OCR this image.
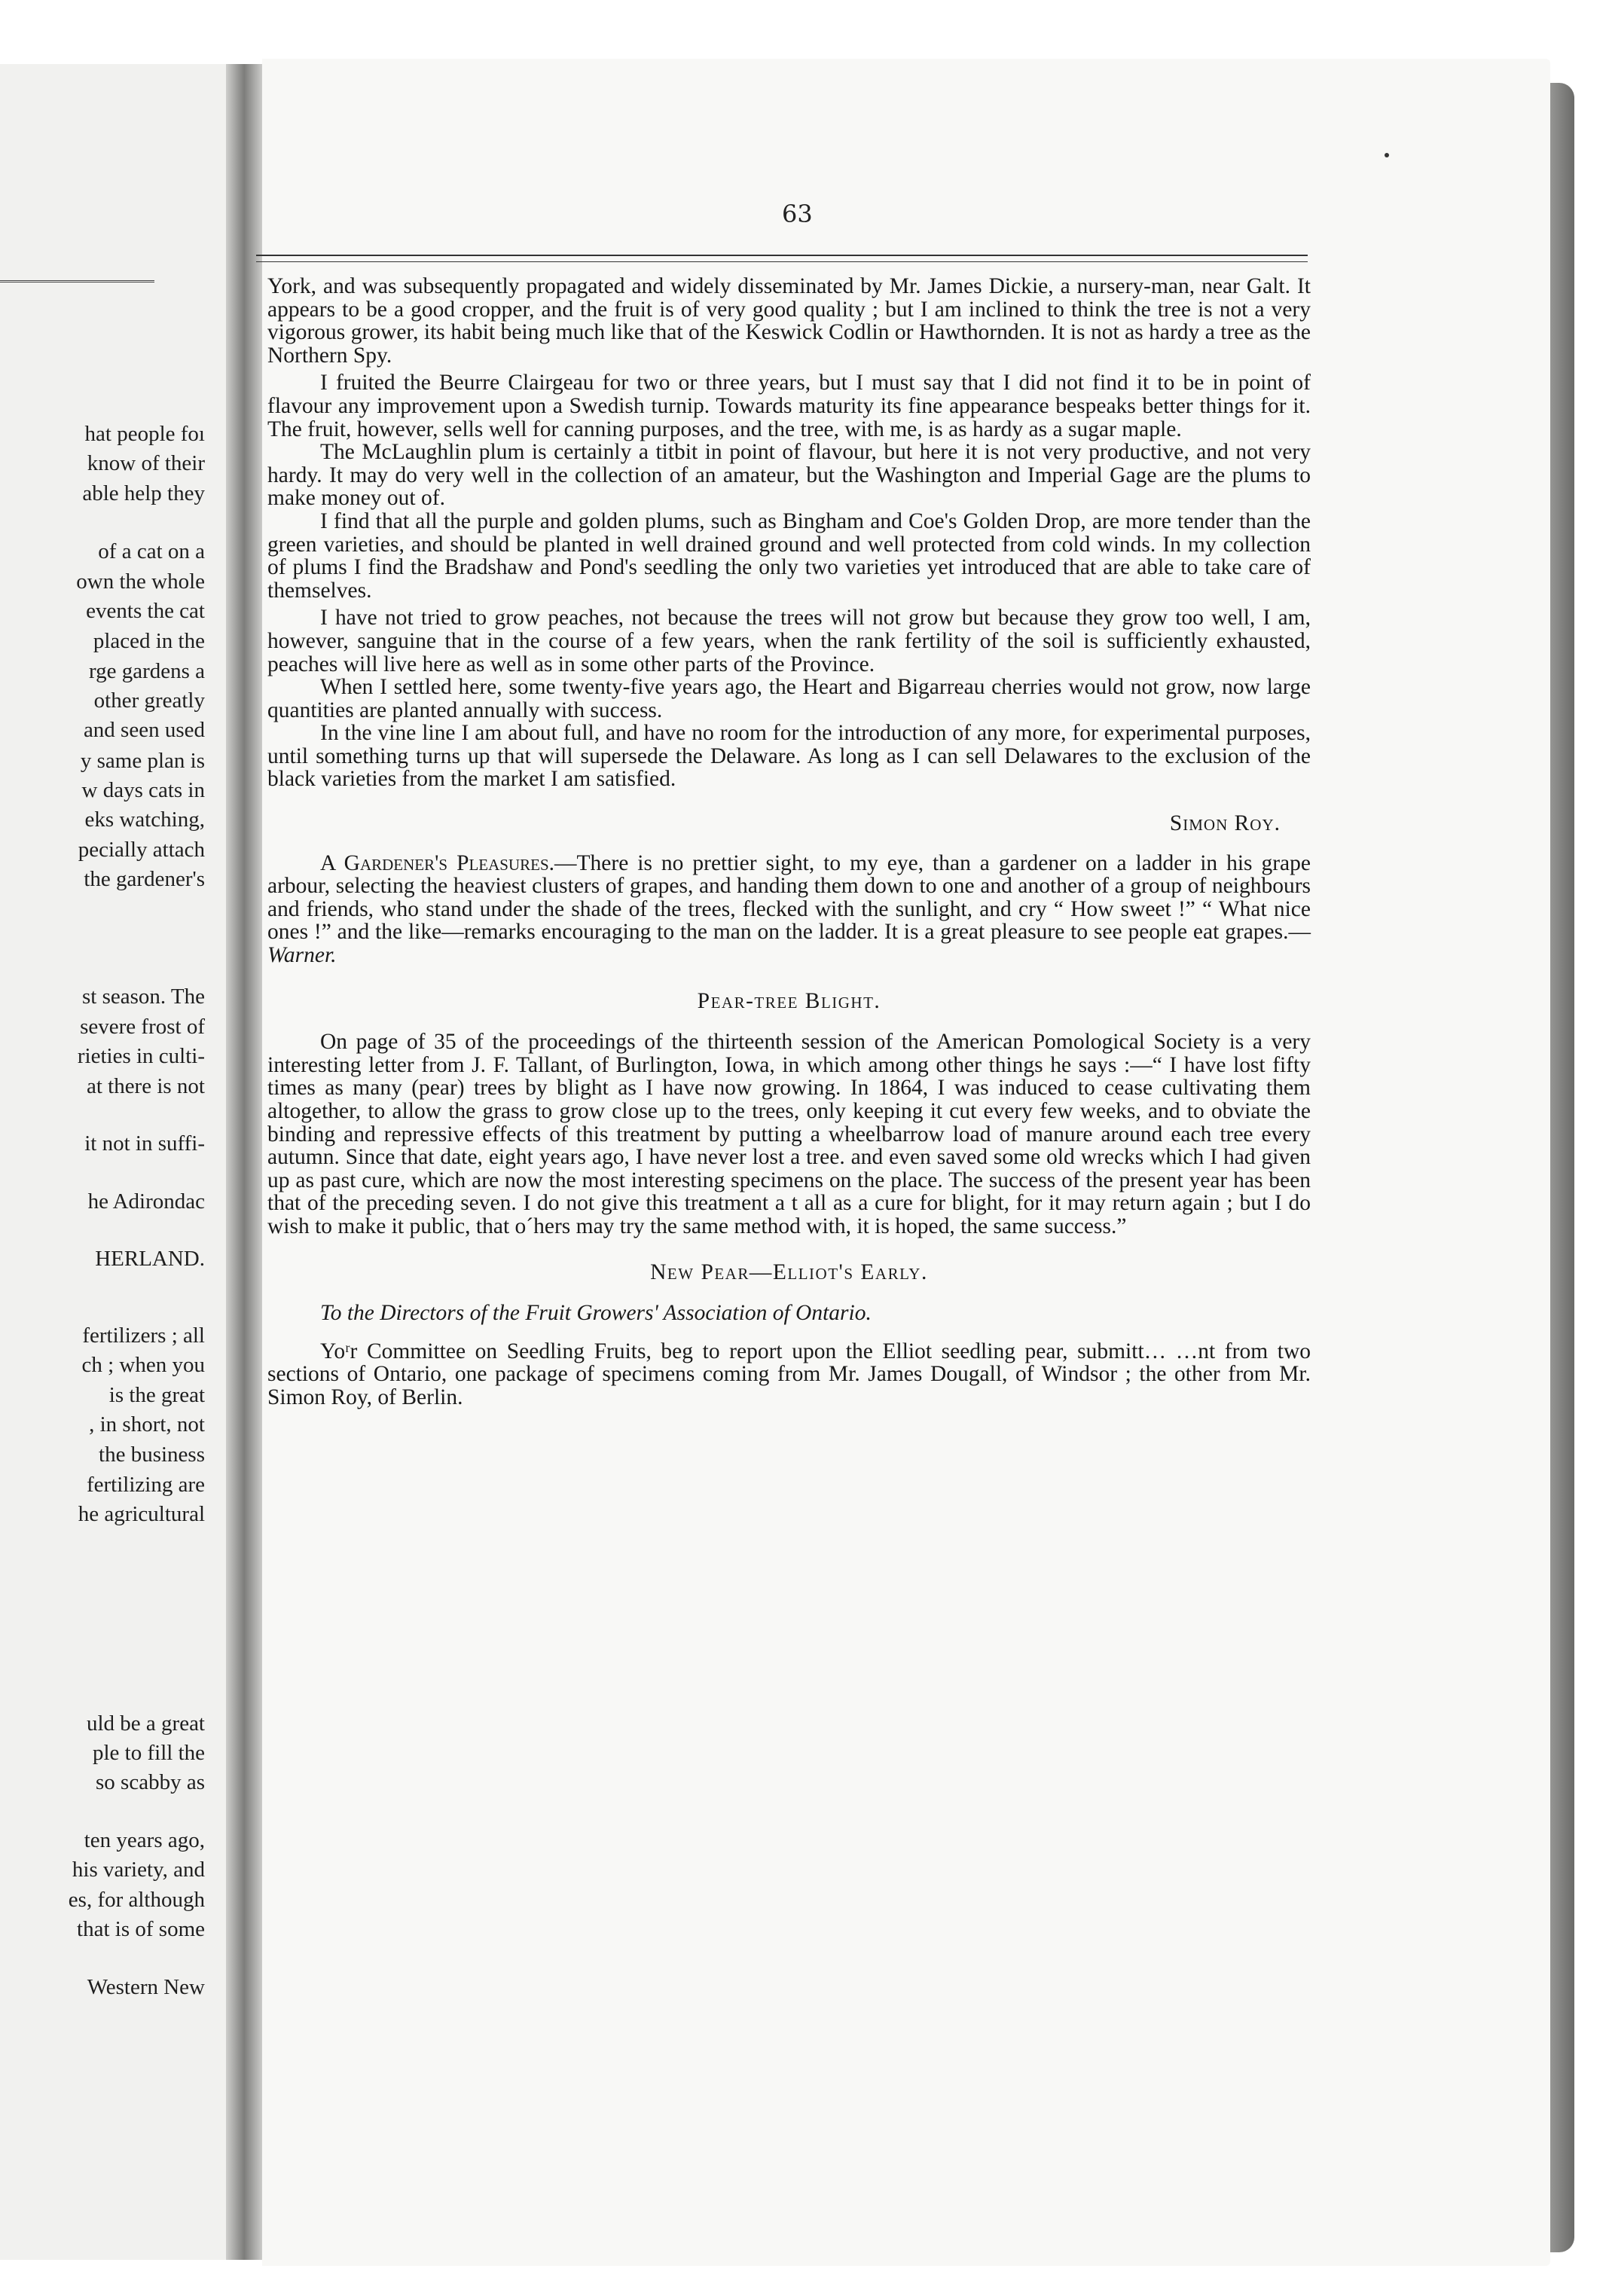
hat people foı
know of their
able help they
of a cat on a
own the whole
events the cat
placed in the
rge gardens a
other greatly
and seen used
y same plan is
w days cats in
eks watching,
pecially attach
the gardener's
st season. The
severe frost of
rieties in culti-
at there is not
it not in suffi-
he Adirondac
HERLAND.
fertilizers ; all
ch ; when you
is the great
, in short, not
the business
fertilizing are
he agricultural
uld be a great
ple to fill the
so scabby as
ten years ago,
his variety, and
es, for although
that is of some
Western New
63

York, and was subsequently propagated and widely disseminated by Mr. James Dickie, a nursery-man, near Galt. It appears to be a good cropper, and the fruit is of very good quality ; but I am inclined to think the tree is not a very vigorous grower, its habit being much like that of the Keswick Codlin or Hawthornden. It is not as hardy a tree as the Northern Spy.

I fruited the Beurre Clairgeau for two or three years, but I must say that I did not find it to be in point of flavour any improvement upon a Swedish turnip. Towards maturity its fine appearance bespeaks better things for it. The fruit, however, sells well for canning purposes, and the tree, with me, is as hardy as a sugar maple.

The McLaughlin plum is certainly a titbit in point of flavour, but here it is not very productive, and not very hardy. It may do very well in the collection of an amateur, but the Washington and Imperial Gage are the plums to make money out of.

I find that all the purple and golden plums, such as Bingham and Coe's Golden Drop, are more tender than the green varieties, and should be planted in well drained ground and well protected from cold winds. In my collection of plums I find the Bradshaw and Pond's seedling the only two varieties yet introduced that are able to take care of themselves.

I have not tried to grow peaches, not because the trees will not grow but because they grow too well, I am, however, sanguine that in the course of a few years, when the rank fertility of the soil is sufficiently exhausted, peaches will live here as well as in some other parts of the Province.

When I settled here, some twenty-five years ago, the Heart and Bigarreau cherries would not grow, now large quantities are planted annually with success.

In the vine line I am about full, and have no room for the introduction of any more, for experimental purposes, until something turns up that will supersede the Delaware. As long as I can sell Delawares to the exclusion of the black varieties from the market I am satisfied.

Simon Roy.

A Gardener's Pleasures.—There is no prettier sight, to my eye, than a gardener on a ladder in his grape arbour, selecting the heaviest clusters of grapes, and handing them down to one and another of a group of neighbours and friends, who stand under the shade of the trees, flecked with the sunlight, and cry “ How sweet !” “ What nice ones !” and the like—remarks encouraging to the man on the ladder. It is a great pleasure to see people eat grapes.—Warner.

Pear-tree Blight.

On page of 35 of the proceedings of the thirteenth session of the American Pomological Society is a very interesting letter from J. F. Tallant, of Burlington, Iowa, in which among other things he says :—“ I have lost fifty times as many (pear) trees by blight as I have now growing. In 1864, I was induced to cease cultivating them altogether, to allow the grass to grow close up to the trees, only keeping it cut every few weeks, and to obviate the binding and repressive effects of this treatment by putting a wheelbarrow load of manure around each tree every autumn. Since that date, eight years ago, I have never lost a tree. and even saved some old wrecks which I had given up as past cure, which are now the most interesting specimens on the place. The success of the present year has been that of the preceding seven. I do not give this treatment a t all as a cure for blight, for it may return again ; but I do wish to make it public, that oˊhers may try the same method with, it is hoped, the same success.”

New Pear—Elliot's Early.

To the Directors of the Fruit Growers' Association of Ontario.

Yoʳr Committee on Seedling Fruits, beg to report upon the Elliot seedling pear, submitt… …nt from two sections of Ontario, one package of specimens coming from Mr. James Dougall, of Windsor ; the other from Mr. Simon Roy, of Berlin.
